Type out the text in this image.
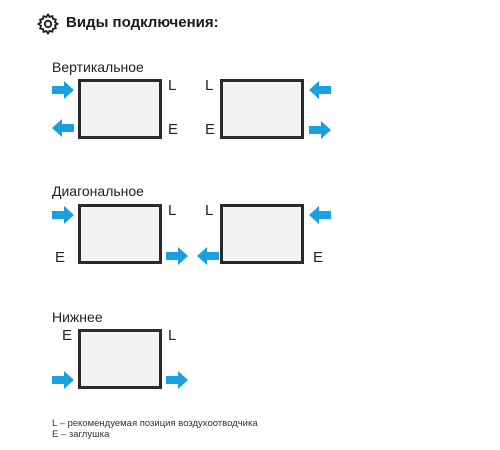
Виды подключения:
Вертикальное
Диагональное
Нижнее
L
E
L
E
L
E
L
E
E	L
L – рекомендуемая позиция воздухоотводчика
E – заглушка
